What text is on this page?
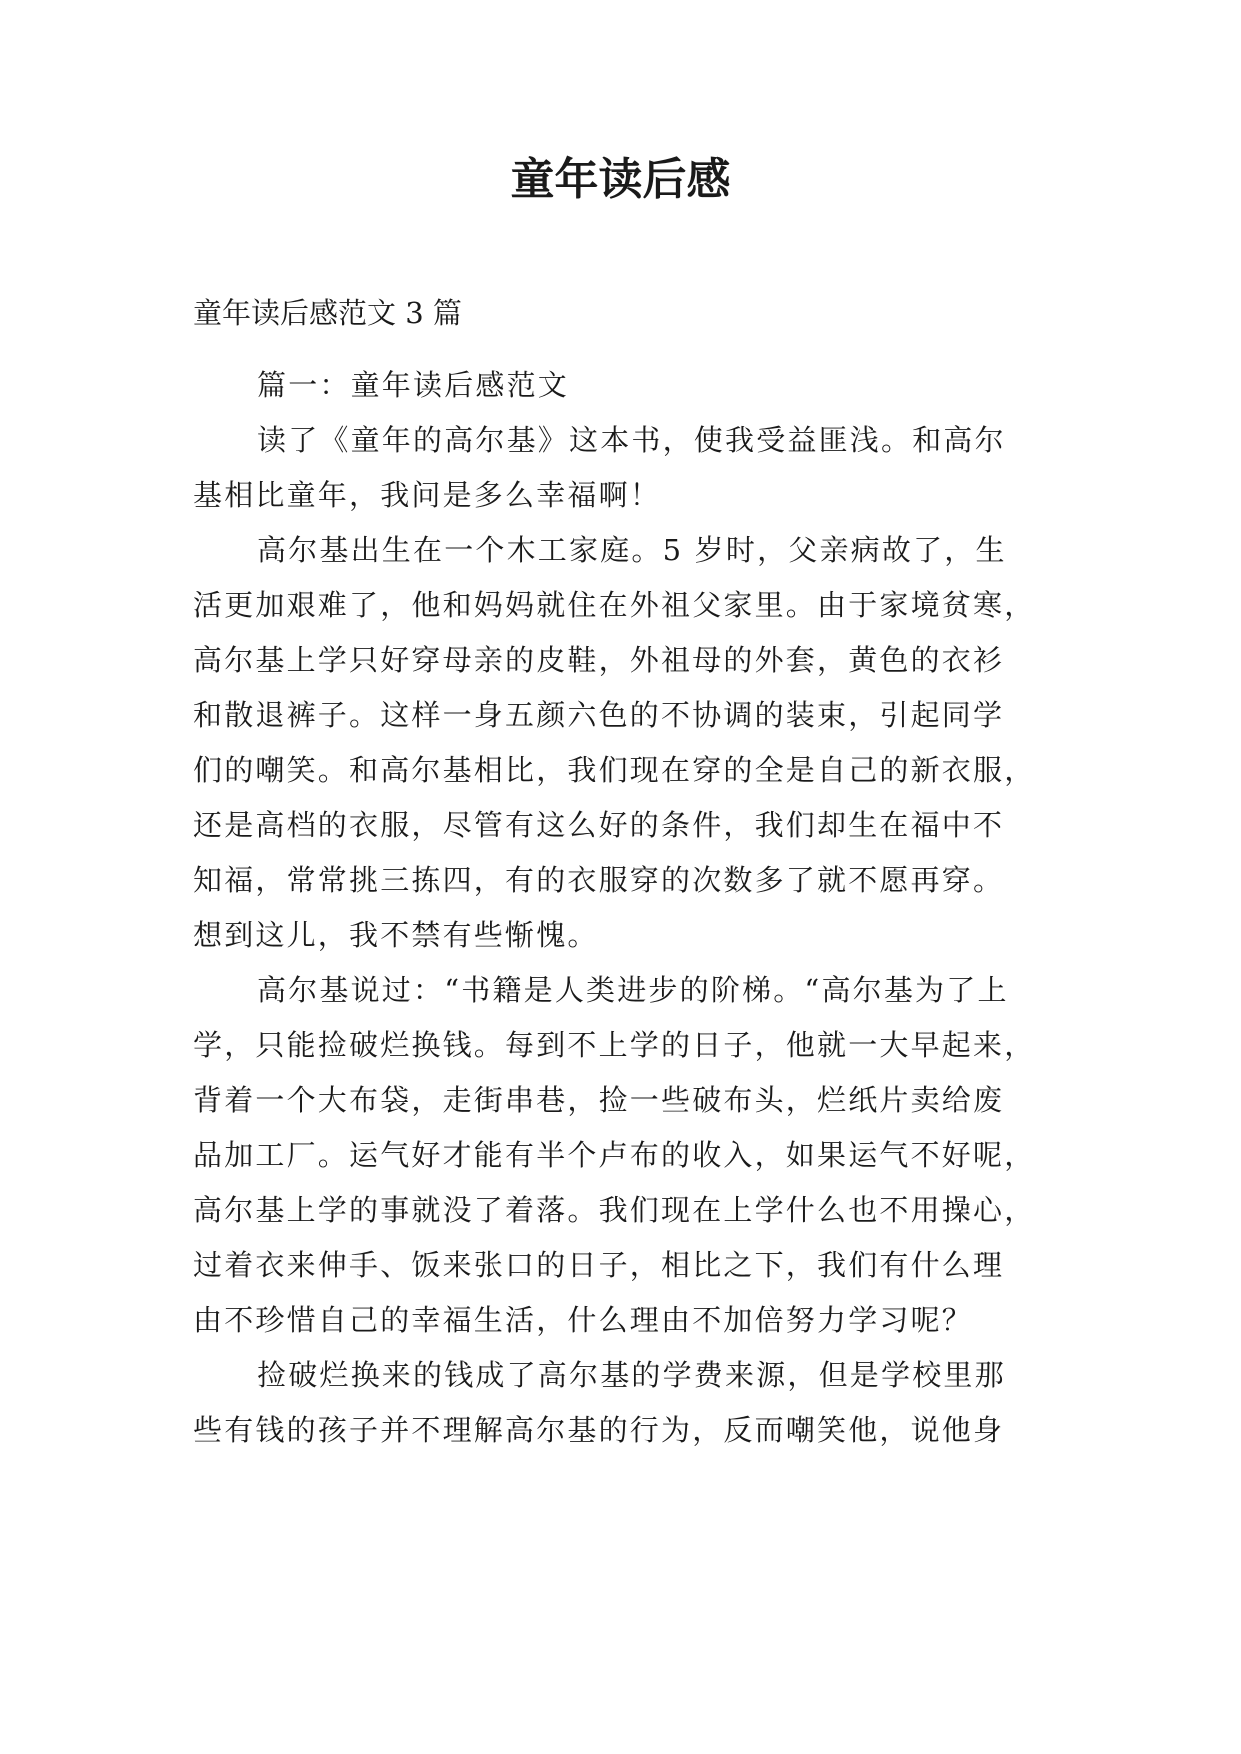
童年读后感

童年读后感范文 3 篇

篇一：童年读后感范文

读了《童年的高尔基》这本书，使我受益匪浅。和高尔

基相比童年，我问是多么幸福啊！

高尔基出生在一个木工家庭。5 岁时，父亲病故了，生

活更加艰难了，他和妈妈就住在外祖父家里。由于家境贫寒，

高尔基上学只好穿母亲的皮鞋，外祖母的外套，黄色的衣衫

和散退裤子。这样一身五颜六色的不协调的装束，引起同学

们的嘲笑。和高尔基相比，我们现在穿的全是自己的新衣服，

还是高档的衣服，尽管有这么好的条件，我们却生在福中不

知福，常常挑三拣四，有的衣服穿的次数多了就不愿再穿。

想到这儿，我不禁有些惭愧。

高尔基说过：“书籍是人类进步的阶梯。“高尔基为了上

学，只能捡破烂换钱。每到不上学的日子，他就一大早起来，

背着一个大布袋，走街串巷，捡一些破布头，烂纸片卖给废

品加工厂。运气好才能有半个卢布的收入，如果运气不好呢，

高尔基上学的事就没了着落。我们现在上学什么也不用操心，

过着衣来伸手、饭来张口的日子，相比之下，我们有什么理

由不珍惜自己的幸福生活，什么理由不加倍努力学习呢？

捡破烂换来的钱成了高尔基的学费来源，但是学校里那

些有钱的孩子并不理解高尔基的行为，反而嘲笑他，说他身
